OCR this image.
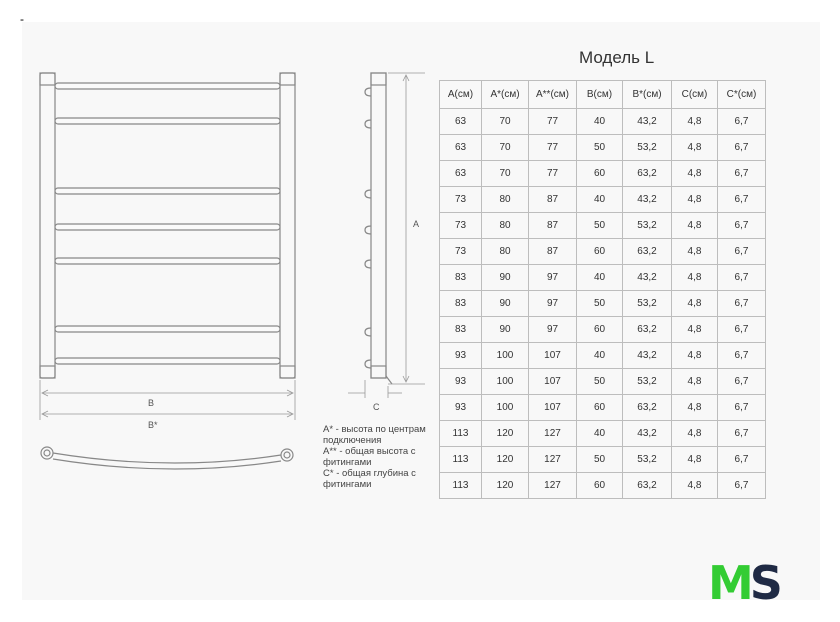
-
B
B*
A
C
Модель L
A* - высота по центрам
подключения
A** - общая высота с
фитингами
C* - общая глубина с
фитингами
A(см)	A*(см)	A**(см)	B(см)	B*(см)	C(см)	C*(см)
63	70	77	40	43,2	4,8	6,7
63	70	77	50	53,2	4,8	6,7
63	70	77	60	63,2	4,8	6,7
73	80	87	40	43,2	4,8	6,7
73	80	87	50	53,2	4,8	6,7
73	80	87	60	63,2	4,8	6,7
83	90	97	40	43,2	4,8	6,7
83	90	97	50	53,2	4,8	6,7
83	90	97	60	63,2	4,8	6,7
93	100	107	40	43,2	4,8	6,7
93	100	107	50	53,2	4,8	6,7
93	100	107	60	63,2	4,8	6,7
113	120	127	40	43,2	4,8	6,7
113	120	127	50	53,2	4,8	6,7
113	120	127	60	63,2	4,8	6,7
MS
